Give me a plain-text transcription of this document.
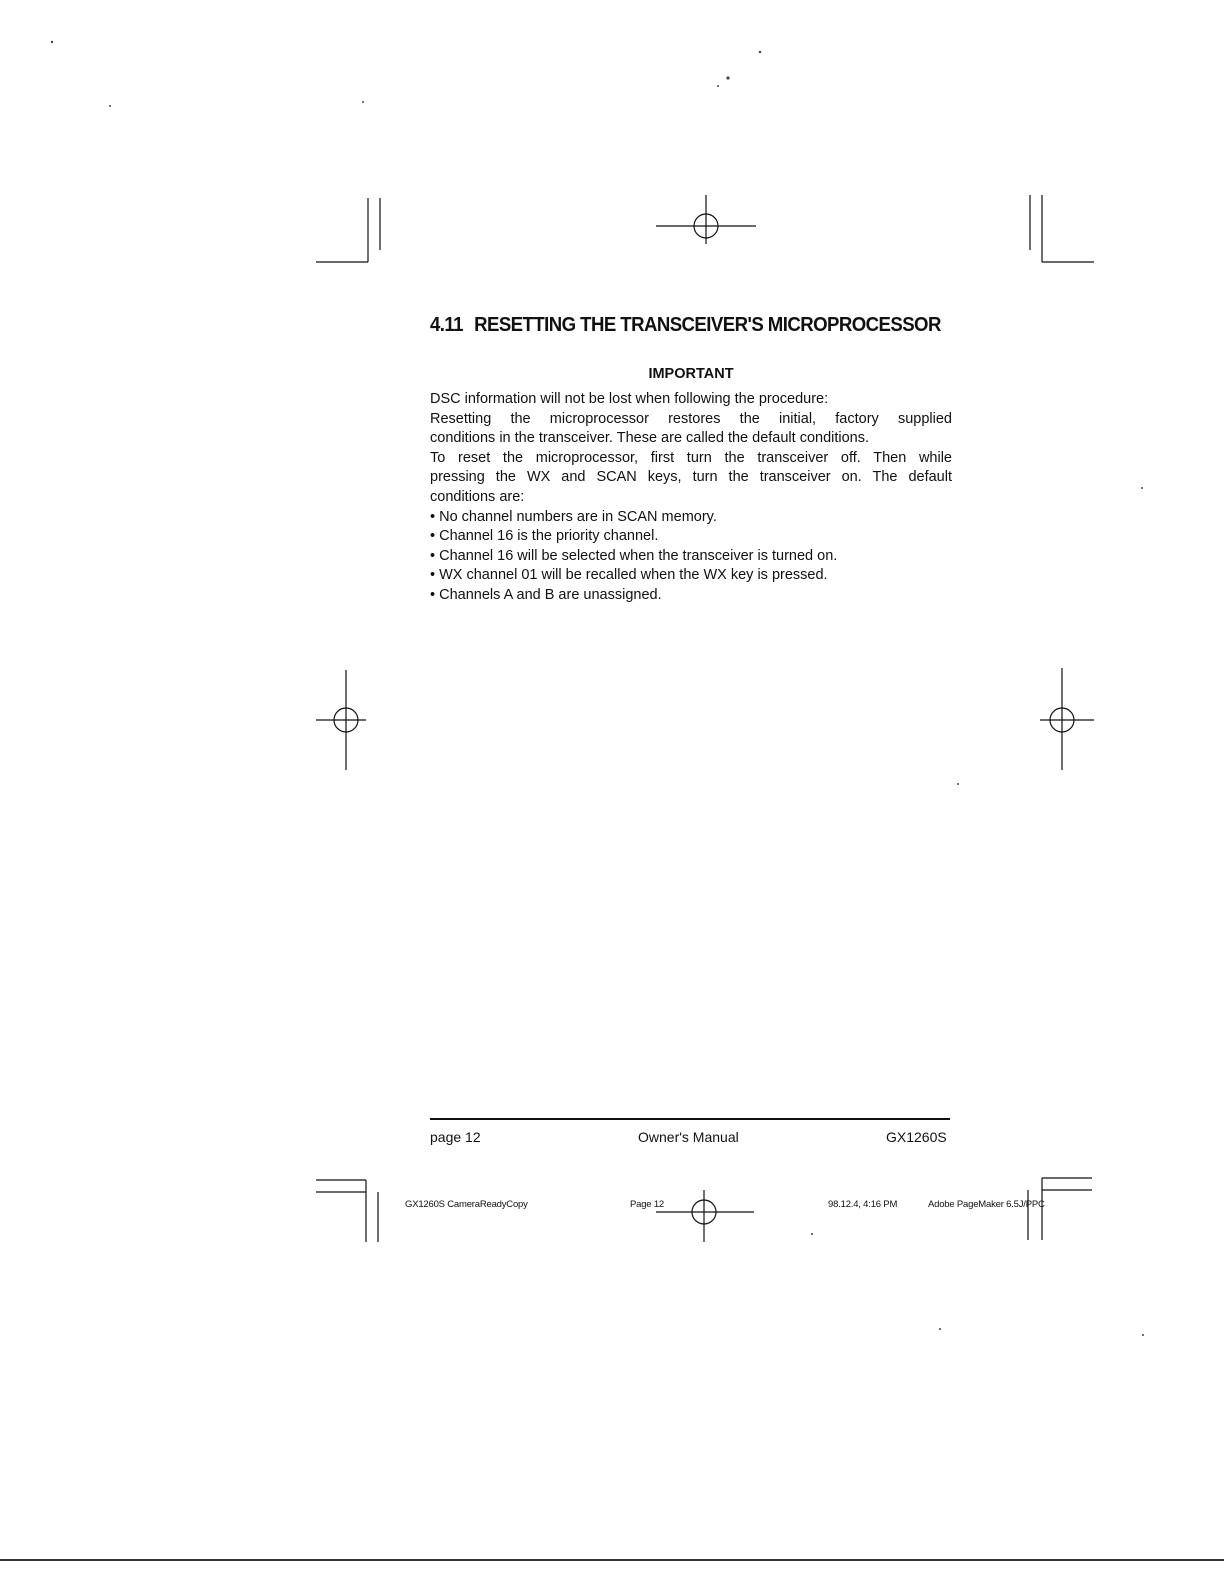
4.11 RESETTING THE TRANSCEIVER'S MICROPROCESSOR
IMPORTANT

DSC information will not be lost when following the procedure:

Resetting the microprocessor restores the initial, factory supplied

conditions in the transceiver. These are called the default conditions.

To reset the microprocessor, first turn the transceiver off. Then while

pressing the WX and SCAN keys, turn the transceiver on. The default

conditions are:

• No channel numbers are in SCAN memory.
• Channel 16 is the priority channel.
• Channel 16 will be selected when the transceiver is turned on.
• WX channel 01 will be recalled when the WX key is pressed.
• Channels A and B are unassigned.
page 12	Owner's Manual	GX1260S
GX1260S CameraReadyCopy	Page 12	98.12.4, 4:16 PM	Adobe PageMaker 6.5J/PPC
